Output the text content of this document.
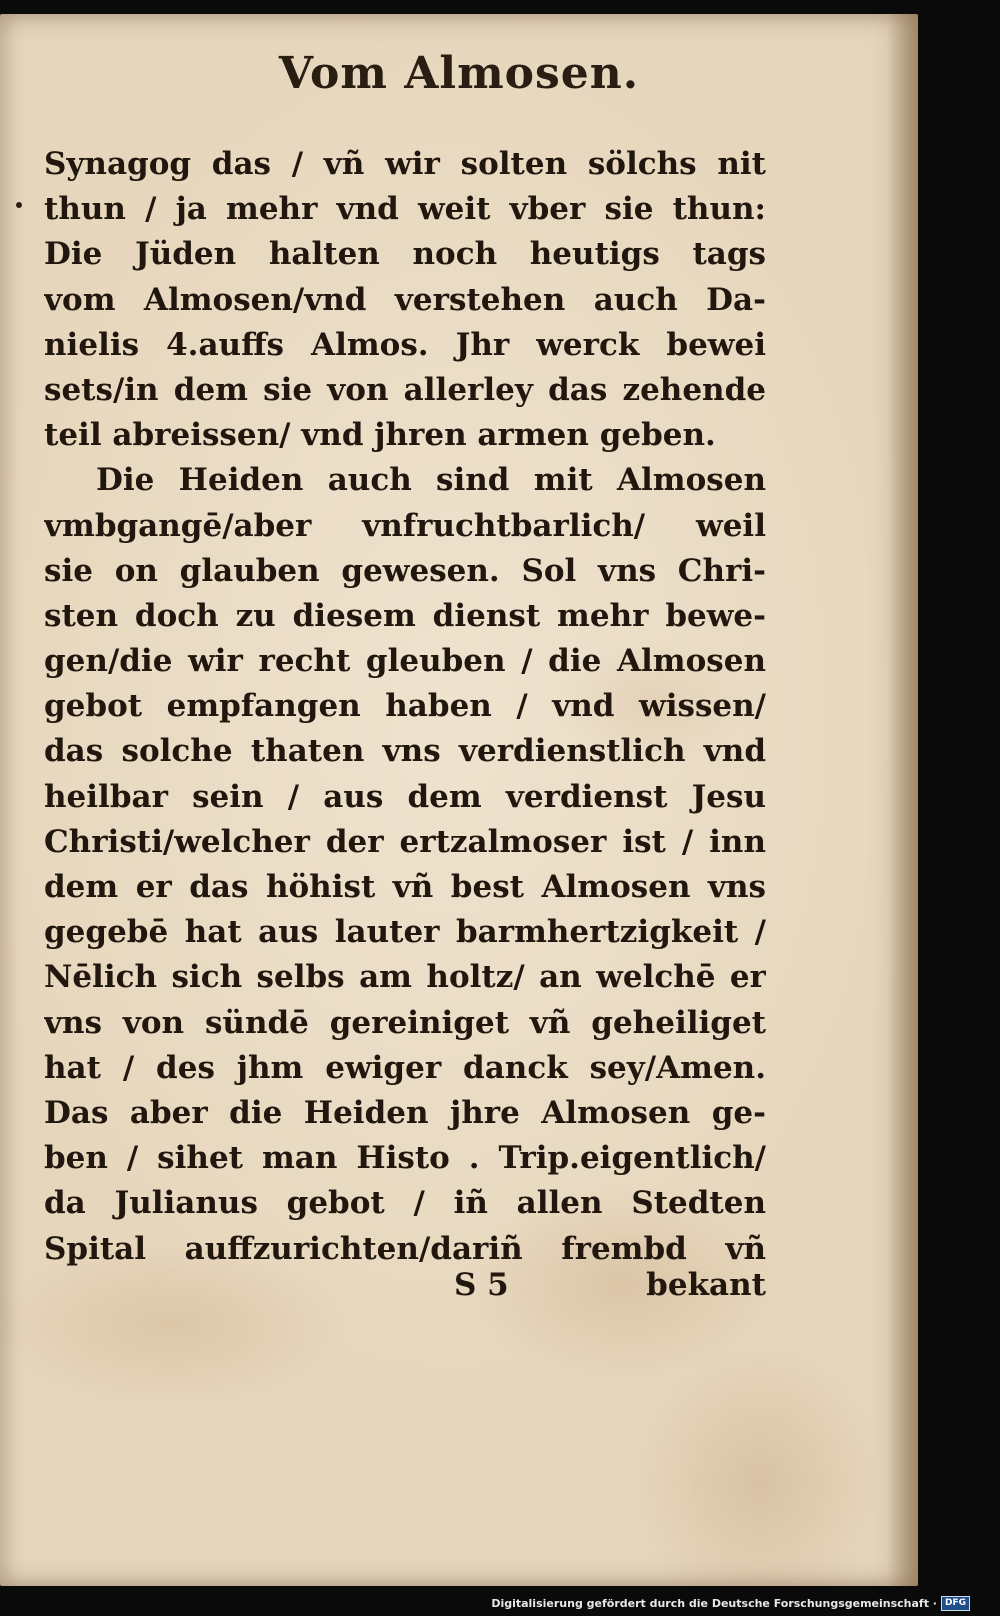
Vom Almosen.
Synagog das / vñ wir solten sölchs nit
thun / ja mehr vnd weit vber sie thun:
Die Jüden halten noch heutigs tags
vom Almosen/vnd verstehen auch Da-
nielis 4.auffs Almos. Jhr werck bewei
sets/in dem sie von allerley das zehende
teil abreissen/ vnd jhren armen geben.
Die Heiden auch sind mit Almosen
vmbgangē/aber vnfruchtbarlich/ weil
sie on glauben gewesen. Sol vns Chri-
sten doch zu diesem dienst mehr bewe-
gen/die wir recht gleuben / die Almosen
gebot empfangen haben / vnd wissen/
das solche thaten vns verdienstlich vnd
heilbar sein / aus dem verdienst Jesu
Christi/welcher der ertzalmoser ist / inn
dem er das höhist vñ best Almosen vns
gegebē hat aus lauter barmhertzigkeit /
Nēlich sich selbs am holtz/ an welchē er
vns von sündē gereiniget vñ geheiliget
hat / des jhm ewiger danck sey/Amen.
Das aber die Heiden jhre Almosen ge-
ben / sihet man Histo . Trip.eigentlich/
da Julianus gebot / iñ allen Stedten
Spital auffzurichten/dariñ frembd vñ
S 5	bekant
Digitalisierung gefördert durch die Deutsche Forschungsgemeinschaft · DFG
